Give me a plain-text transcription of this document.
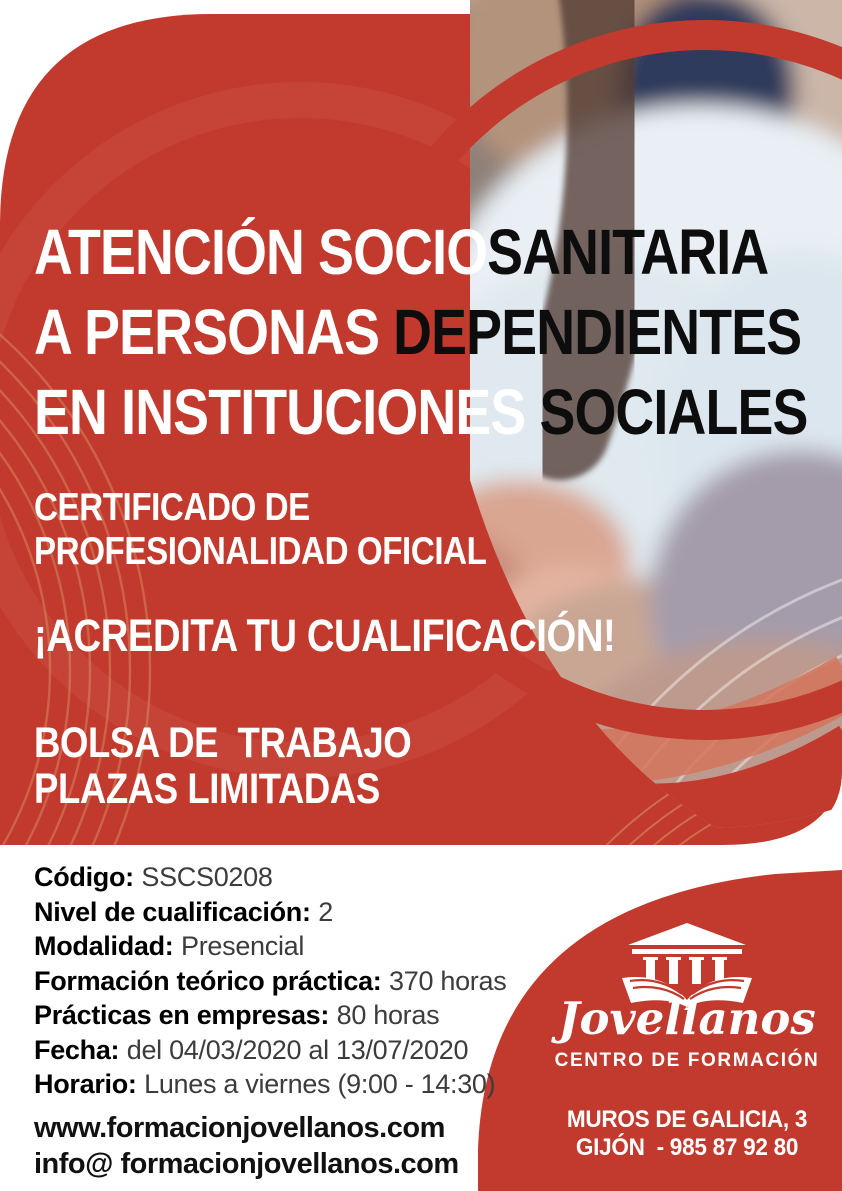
ATENCIÓN SOCIOSANITARIA
A PERSONAS DEPENDIENTES
EN INSTITUCIONES SOCIALES
CERTIFICADO DE
PROFESIONALIDAD OFICIAL
¡ACREDITA TU CUALIFICACIÓN!
BOLSA DE  TRABAJO
PLAZAS LIMITADAS
Código: SSCS0208
Nivel de cualificación: 2
Modalidad: Presencial
Formación teórico práctica: 370 horas
Prácticas en empresas: 80 horas
Fecha: del 04/03/2020 al 13/07/2020
Horario: Lunes a viernes (9:00 - 14:30)
www.formacionjovellanos.com
info@ formacionjovellanos.com
Jovellanos
CENTRO DE FORMACIÓN
MUROS DE GALICIA, 3
GIJÓN  - 985 87 92 80
